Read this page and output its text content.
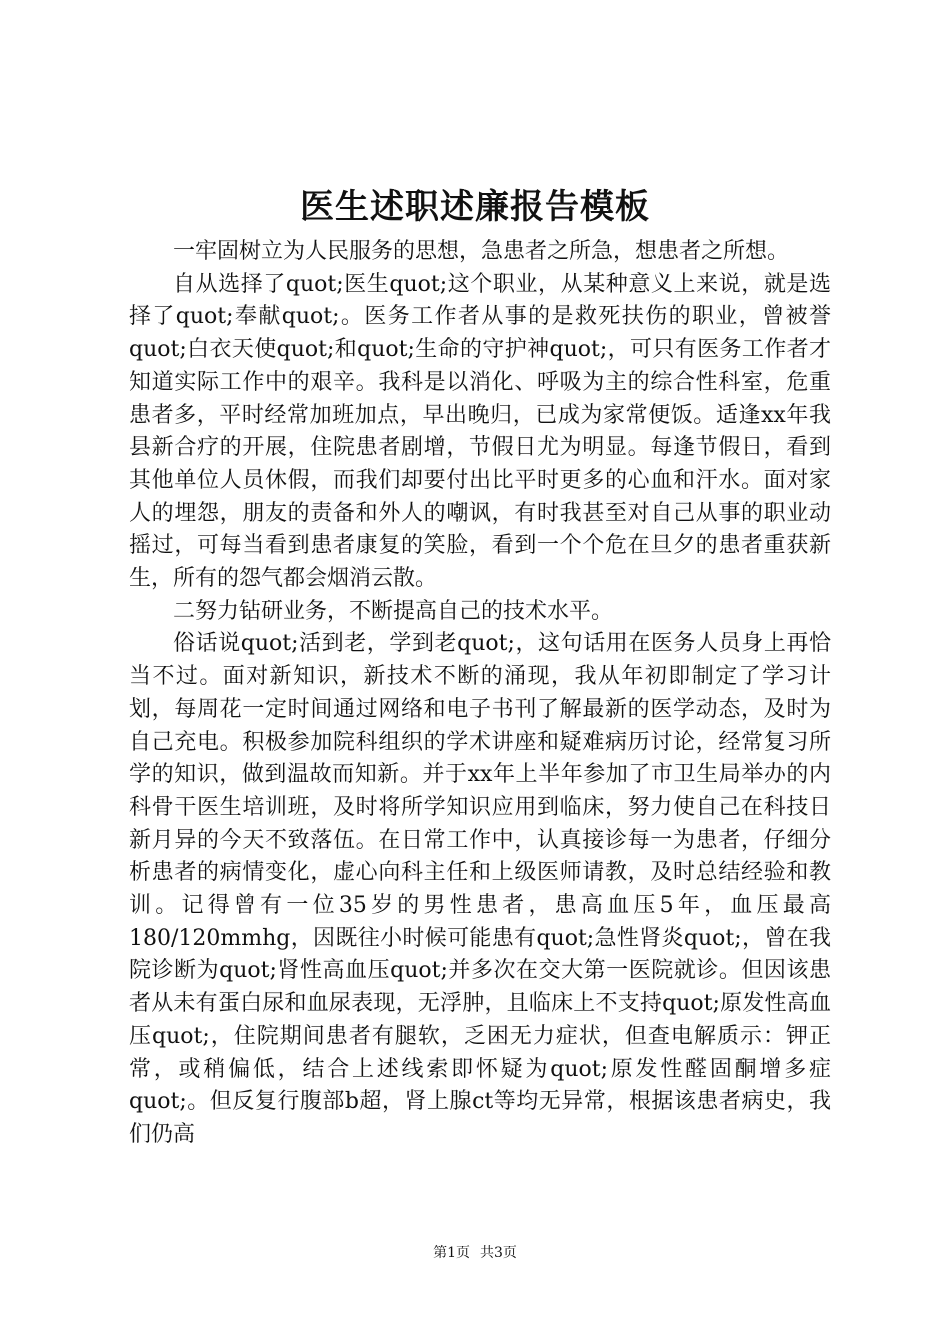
医生述职述廉报告模板

一牢固树立为人民服务的思想，急患者之所急，想患者之所想。

自从选择了quot;医生quot;这个职业，从某种意义上来说，就是选择了quot;奉献quot;。医务工作者从事的是救死扶伤的职业，曾被誉quot;白衣天使quot;和quot;生命的守护神quot;，可只有医务工作者才知道实际工作中的艰辛。我科是以消化、呼吸为主的综合性科室，危重患者多，平时经常加班加点，早出晚归，已成为家常便饭。适逢xx年我县新合疗的开展，住院患者剧增，节假日尤为明显。每逢节假日，看到其他单位人员休假，而我们却要付出比平时更多的心血和汗水。面对家人的埋怨，朋友的责备和外人的嘲讽，有时我甚至对自己从事的职业动摇过，可每当看到患者康复的笑脸，看到一个个危在旦夕的患者重获新生，所有的怨气都会烟消云散。

二努力钻研业务，不断提高自己的技术水平。

俗话说quot;活到老，学到老quot;，这句话用在医务人员身上再恰当不过。面对新知识，新技术不断的涌现，我从年初即制定了学习计划，每周花一定时间通过网络和电子书刊了解最新的医学动态，及时为自己充电。积极参加院科组织的学术讲座和疑难病历讨论，经常复习所学的知识，做到温故而知新。并于xx年上半年参加了市卫生局举办的内科骨干医生培训班，及时将所学知识应用到临床，努力使自己在科技日新月异的今天不致落伍。在日常工作中，认真接诊每一为患者，仔细分析患者的病情变化，虚心向科主任和上级医师请教，及时总结经验和教训。记得曾有一位35岁的男性患者，患高血压5年，血压最高180/120mmhg，因既往小时候可能患有quot;急性肾炎quot;，曾在我院诊断为quot;肾性高血压quot;并多次在交大第一医院就诊。但因该患者从未有蛋白尿和血尿表现，无浮肿，且临床上不支持quot;原发性高血压quot;，住院期间患者有腿软，乏困无力症状，但查电解质示：钾正常，或稍偏低，结合上述线索即怀疑为quot;原发性醛固酮增多症quot;。但反复行腹部b超，肾上腺ct等均无异常，根据该患者病史，我们仍高

第1页 共3页
